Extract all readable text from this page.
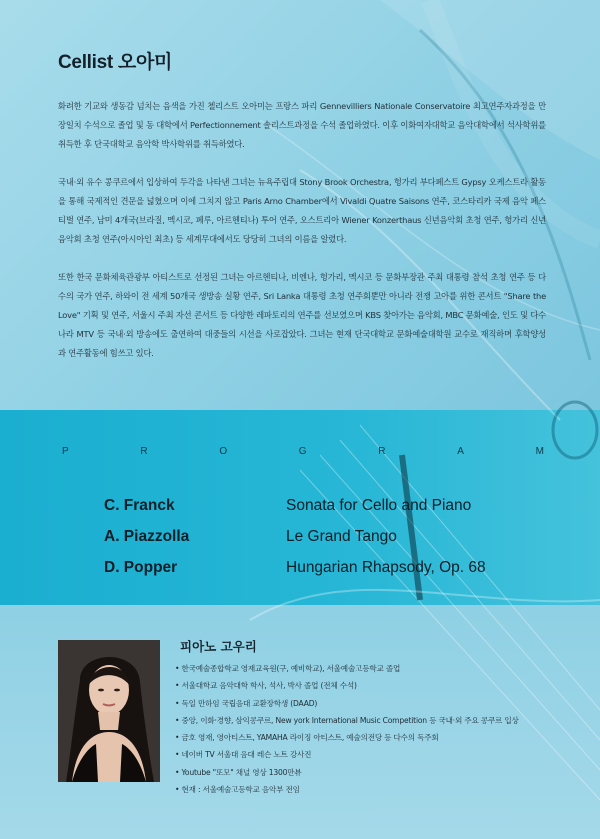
Cellist 오아미

화려한 기교와 생동감 넘치는 음색을 가진 첼리스트 오아미는 프랑스 파리 Gennevilliers Nationale Conservatoire 최고연주자과정을 만장일치 수석으로 졸업 및 동 대학에서 Perfectionnement 솔리스트과정을 수석 졸업하였다. 이후 이화여자대학교 음악대학에서 석사학위를 취득한 후 단국대학교 음악학 박사학위를 취득하였다.

국내·외 유수 콩쿠르에서 입상하여 두각을 나타낸 그녀는 뉴욕주립대 Stony Brook Orchestra, 헝가리 부다페스트 Gypsy 오케스트라 활동을 통해 국제적인 견문을 넓혔으며 이에 그치지 않고 Paris Arno Chamber에서 Vivaldi Quatre Saisons 연주, 코스타리카 국제 음악 페스티벌 연주, 남미 4개국(브라질, 멕시코, 페루, 아르헨티나) 투어 연주, 오스트리아 Wiener Konzerthaus 신년음악회 초청 연주, 헝가리 신년음악회 초청 연주(아시아인 최초) 등 세계무대에서도 당당히 그녀의 이름을 알렸다.

또한 한국 문화체육관광부 아티스트로 선정된 그녀는 아르헨티나, 비엔나, 헝가리, 멕시코 등 문화부장관 주최 대통령 참석 초청 연주 등 다수의 국가 연주, 하와이 전 세계 50개국 생방송 실황 연주, Sri Lanka 대통령 초청 연주회뿐만 아니라 전쟁 고아를 위한 콘서트 "Share the Love" 기획 및 연주, 서울시 주최 자선 콘서트 등 다양한 레파토리의 연주를 선보였으며 KBS 찾아가는 음악회, MBC 문화예술, 인도 및 다수 나라 MTV 등 국내·외 방송에도 출연하여 대중들의 시선을 사로잡았다. 그녀는 현재 단국대학교 문화예술대학원 교수로 재직하며 후학양성과 연주활동에 힘쓰고 있다.

P	R	O	G	R	A	M
C. Franck	Sonata for Cello and Piano
A. Piazzolla	Le Grand Tango
D. Popper	Hungarian Rhapsody, Op. 68
피아노 고우리
• 한국예술종합학교 영재교육원(구, 예비학교), 서울예술고등학교 졸업
• 서울대학교 음악대학 학사, 석사, 박사 졸업 (전체 수석)
• 독일 만하임 국립음대 교환장학생 (DAAD)
• 중앙, 이화·경향, 삼익콩쿠르, New york International Music Competition 등 국내·외 주요 콩쿠르 입상
• 금호 영재, 영아티스트, YAMAHA 라이징 아티스트, 예술의전당 등 다수의 독주회
• 네이버 TV 서울대 음대 레슨 노트 강사진
• Youtube "또모" 채널 영상 1300만뷰
• 현재 : 서울예술고등학교 음악부 전임
